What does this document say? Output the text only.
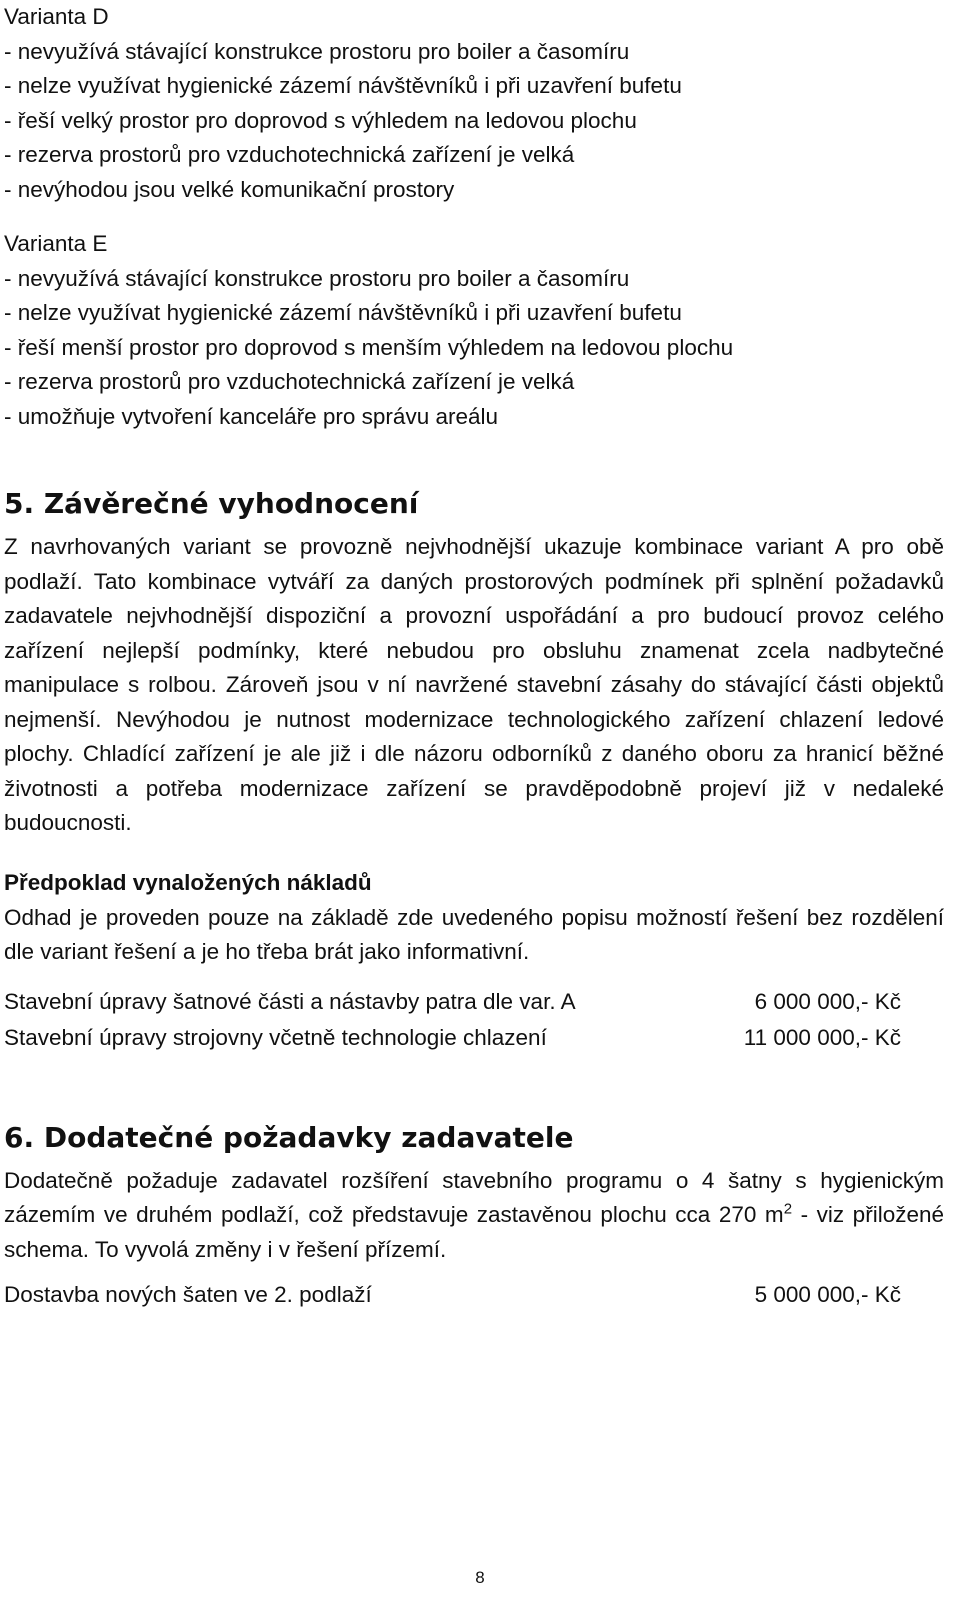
Varianta D
- nevyužívá stávající konstrukce prostoru pro boiler a časomíru
- nelze využívat hygienické zázemí návštěvníků i při uzavření bufetu
- řeší velký prostor pro doprovod s výhledem na ledovou plochu
- rezerva prostorů pro vzduchotechnická zařízení je velká
- nevýhodou jsou velké komunikační prostory
Varianta E
- nevyužívá stávající konstrukce prostoru pro boiler a časomíru
- nelze využívat hygienické zázemí návštěvníků i při uzavření bufetu
- řeší menší prostor pro doprovod s menším výhledem na ledovou plochu
- rezerva prostorů pro vzduchotechnická zařízení je velká
- umožňuje vytvoření kanceláře pro správu areálu
5. Závěrečné vyhodnocení
Z navrhovaných variant se provozně nejvhodnější ukazuje kombinace variant A pro obě podlaží. Tato kombinace vytváří za daných prostorových podmínek při splnění požadavků zadavatele nejvhodnější dispoziční a provozní uspořádání a pro budoucí provoz celého zařízení nejlepší podmínky, které nebudou pro obsluhu znamenat zcela nadbytečné manipulace s rolbou. Zároveň jsou v ní navržené stavební zásahy do stávající části objektů nejmenší. Nevýhodou je nutnost modernizace technologického zařízení chlazení ledové plochy. Chladící zařízení je ale již i dle názoru odborníků z daného oboru za hranicí běžné životnosti a potřeba modernizace zařízení se pravděpodobně projeví již v nedaleké budoucnosti.
Předpoklad vynaložených nákladů
Odhad je proveden pouze na základě zde uvedeného popisu možností řešení bez rozdělení dle variant řešení a je ho třeba brát jako informativní.
Stavební úpravy šatnové části a nástavby patra dle var. A	6 000 000,- Kč
Stavební úpravy strojovny včetně technologie chlazení	11 000 000,- Kč
6. Dodatečné požadavky zadavatele
Dodatečně požaduje zadavatel rozšíření stavebního programu o 4 šatny s hygienickým zázemím ve druhém podlaží, což představuje zastavěnou plochu cca 270 $m^2$ - viz přiložené schema. To vyvolá změny i v řešení přízemí.
Dostavba nových šaten ve 2. podlaží	5 000 000,- Kč
8
